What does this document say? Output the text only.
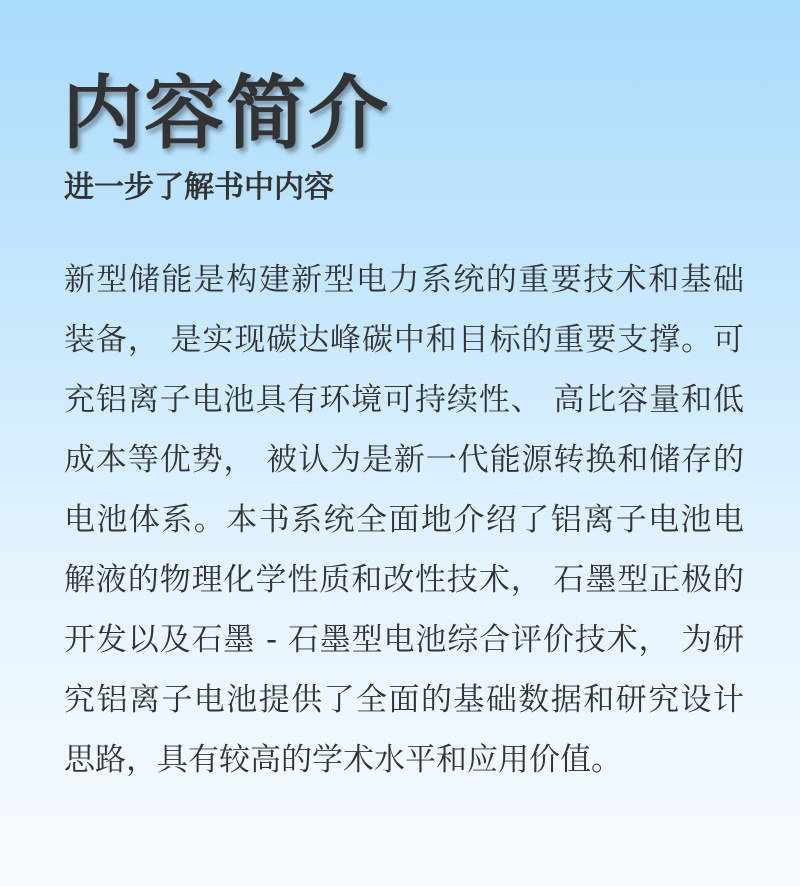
内容简介
进一步了解书中内容
新型储能是构建新型电力系统的重要技术和基础
装备， 是实现碳达峰碳中和目标的重要支撑。可
充铝离子电池具有环境可持续性、 高比容量和低
成本等优势， 被认为是新一代能源转换和储存的
电池体系。本书系统全面地介绍了铝离子电池电
解液的物理化学性质和改性技术， 石墨型正极的
开发以及石墨 - 石墨型电池综合评价技术， 为研
究铝离子电池提供了全面的基础数据和研究设计
思路，具有较高的学术水平和应用价值。
